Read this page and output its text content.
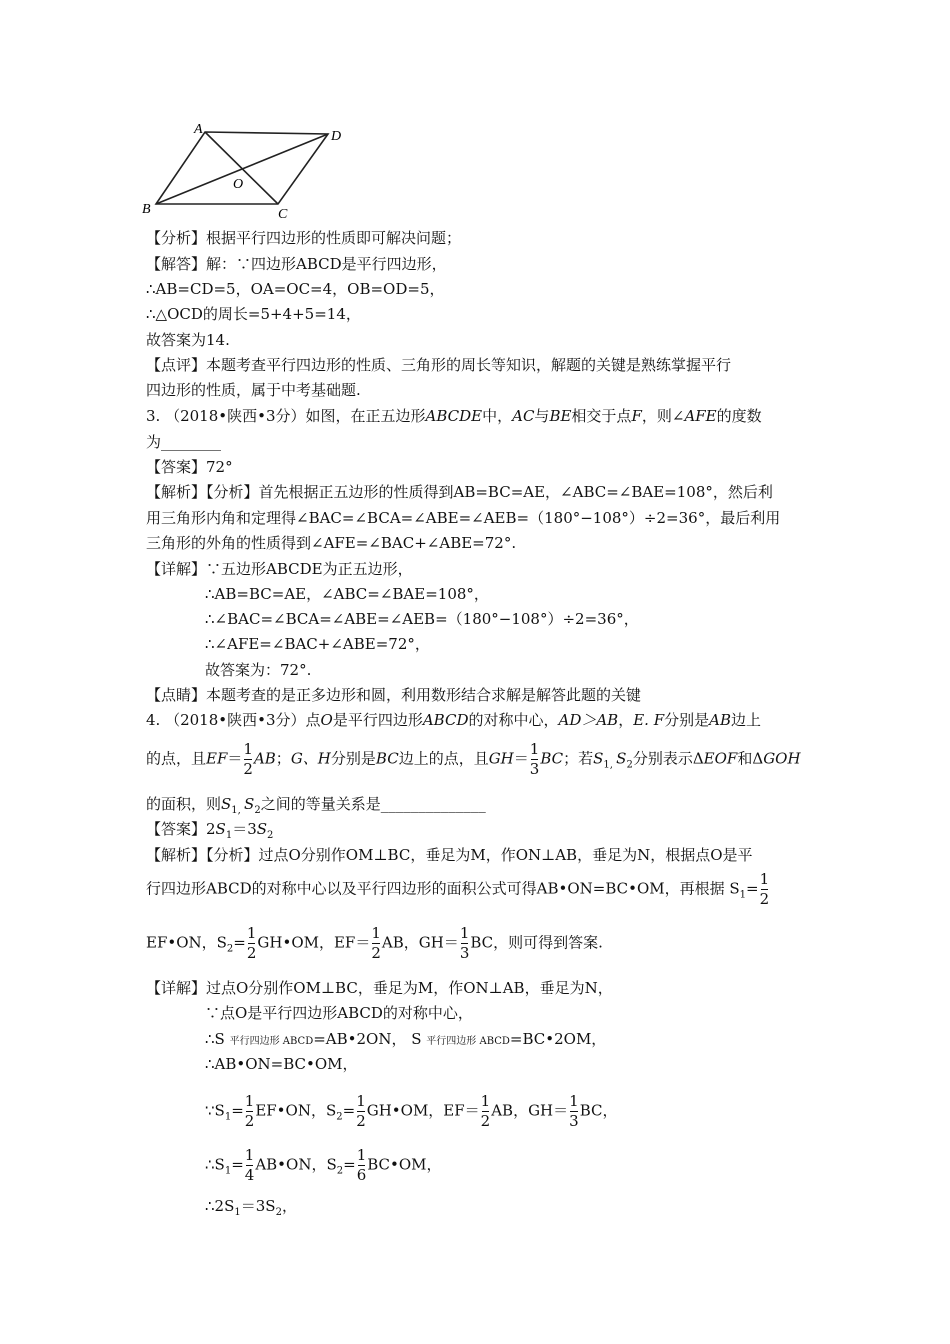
A	D
O
B	C
【分析】根据平行四边形的性质即可解决问题；
【解答】解：∵四边形ABCD是平行四边形，
∴AB=CD=5，OA=OC=4，OB=OD=5，
∴△OCD的周长=5+4+5=14，
故答案为14.
【点评】本题考查平行四边形的性质、三角形的周长等知识，解题的关键是熟练掌握平行
四边形的性质，属于中考基础题.
3. （2018•陕西•3分）如图，在正五边形ABCDE中，AC与BE相交于点F，则∠AFE的度数
为________
【答案】72°
【解析】【分析】首先根据正五边形的性质得到AB=BC=AE，∠ABC=∠BAE=108°，然后利
用三角形内角和定理得∠BAC=∠BCA=∠ABE=∠AEB=（180°−108°）÷2=36°，最后利用
三角形的外角的性质得到∠AFE=∠BAC+∠ABE=72°.
【详解】∵五边形ABCDE为正五边形，
∴AB=BC=AE，∠ABC=∠BAE=108°，
∴∠BAC=∠BCA=∠ABE=∠AEB=（180°−108°）÷2=36°，
∴∠AFE=∠BAC+∠ABE=72°，
故答案为：72°.
【点睛】本题考查的是正多边形和圆，利用数形结合求解是解答此题的关键
4. （2018•陕西•3分）点O是平行四边形ABCD的对称中心，AD＞AB，E. F分别是AB边上
的点，且$EF= \frac{1}{2}$ AB；G、H分别是BC边上的点，且$GH= \frac{1}{3}$ BC；若$S_{1,}$ $S_2$分别表示ΔEOF和ΔGOH
的面积，则$S_{1,}$ $S_2$之间的等量关系是______________
【答案】$2S_1=3S_2$
【解析】【分析】过点O分别作OM⊥BC，垂足为M，作ON⊥AB，垂足为N，根据点O是平
行四边形ABCD的对称中心以及平行四边形的面积公式可得AB•ON=BC•OM，再根据 $S_1= \frac{1}{2}$
EF•ON，$S_2= \frac{1}{2}$ GH•OM，$EF= \frac{1}{2}$ AB，$GH= \frac{1}{3}$ BC，则可得到答案.
【详解】过点O分别作OM⊥BC，垂足为M，作ON⊥AB，垂足为N，
∵点O是平行四边形ABCD的对称中心，
∴S 平行四边形 ABCD=AB•2ON， S 平行四边形 ABCD=BC•2OM，
∴AB•ON=BC•OM，
$\because S_1= \frac{1}{2}$ EF•ON，$S_2= \frac{1}{2}$ GH•OM，$EF= \frac{1}{2}$ AB，$GH= \frac{1}{3}$ BC，
$\therefore S_1= \frac{1}{4}$ AB•ON，$S_2= \frac{1}{6}$ BC•OM，
$\therefore 2S_1=3S_2$，
